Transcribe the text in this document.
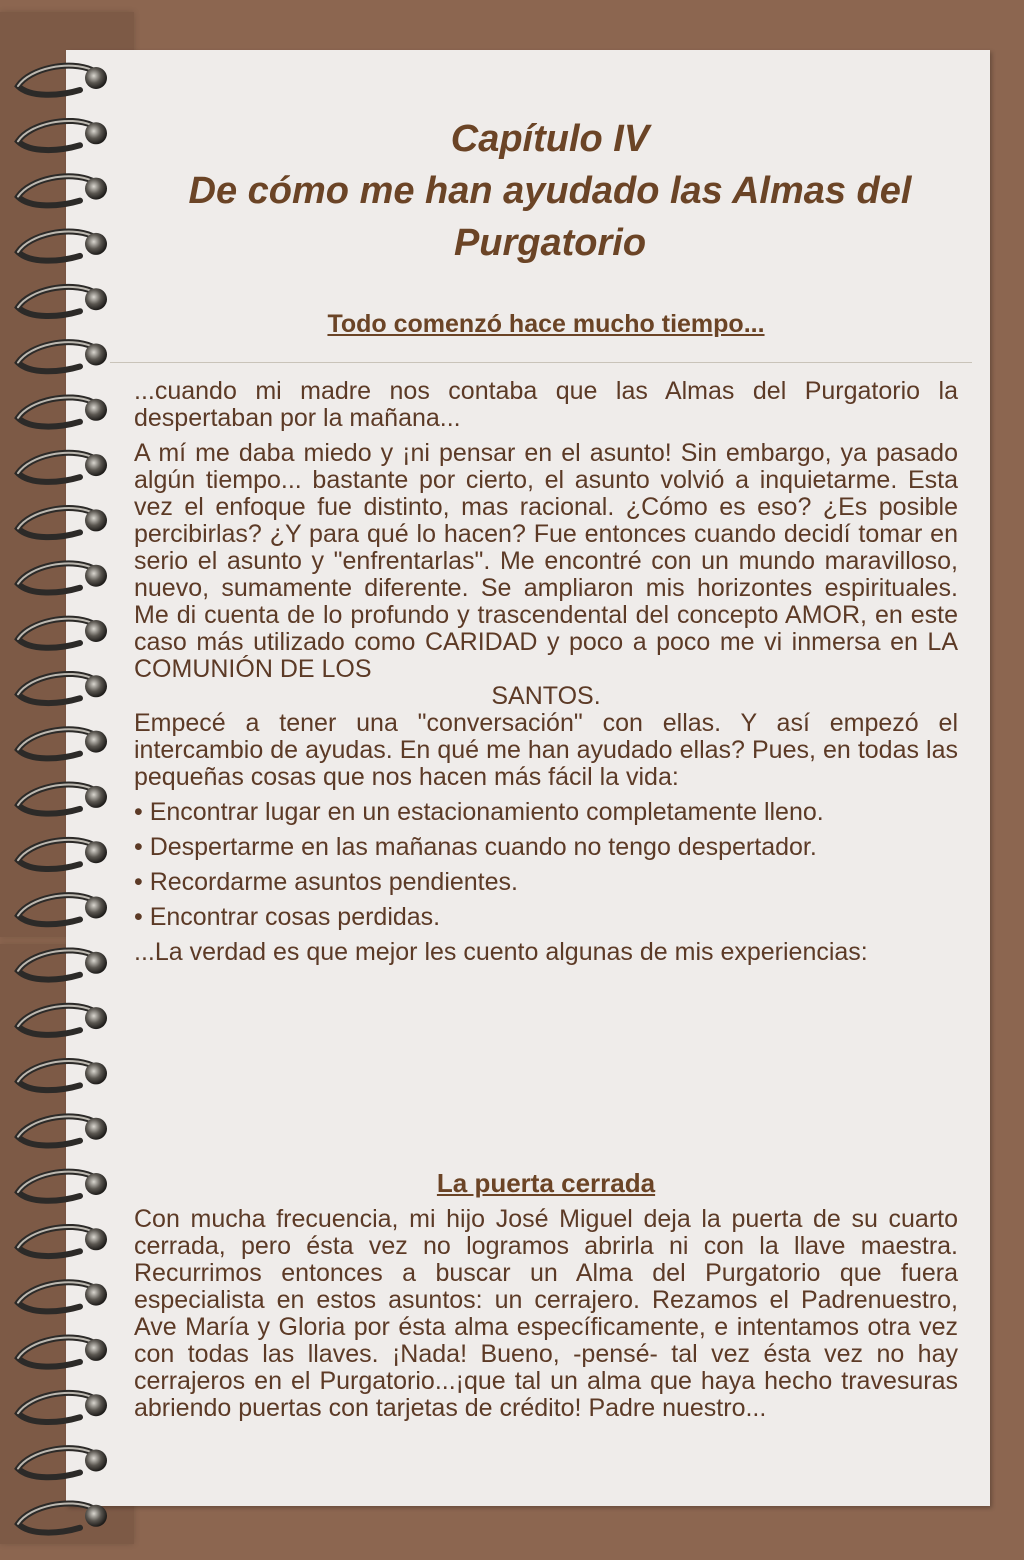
Capítulo IV
De cómo me han ayudado las Almas del Purgatorio
Todo comenzó hace mucho tiempo...

...cuando mi madre nos contaba que las Almas del Purgatorio la despertaban por la mañana...

A mí me daba miedo y ¡ni pensar en el asunto! Sin embargo, ya pasado algún tiempo... bastante por cierto, el asunto volvió a inquietarme. Esta vez el enfoque fue distinto, mas racional. ¿Cómo es eso? ¿Es posible percibirlas? ¿Y para qué lo hacen? Fue entonces cuando decidí tomar en serio el asunto y "enfrentarlas". Me encontré con un mundo maravilloso, nuevo, sumamente diferente. Se ampliaron mis horizontes espirituales. Me di cuenta de lo profundo y trascendental del concepto AMOR, en este caso más utilizado como CARIDAD y poco a poco me vi inmersa en LA COMUNIÓN DE LOS

SANTOS.

Empecé a tener una "conversación" con ellas. Y así empezó el intercambio de ayudas. En qué me han ayudado ellas? Pues, en todas las pequeñas cosas que nos hacen más fácil la vida:

• Encontrar lugar en un estacionamiento completamente lleno.

• Despertarme en las mañanas cuando no tengo despertador.

• Recordarme asuntos pendientes.

• Encontrar cosas perdidas.

...La verdad es que mejor les cuento algunas de mis experiencias:

La puerta cerrada

Con mucha frecuencia, mi hijo José Miguel deja la puerta de su cuarto cerrada, pero ésta vez no logramos abrirla ni con la llave maestra. Recurrimos entonces a buscar un Alma del Purgatorio que fuera especialista en estos asuntos: un cerrajero. Rezamos el Padrenuestro, Ave María y Gloria por ésta alma específicamente, e intentamos otra vez con todas las llaves. ¡Nada! Bueno, -pensé- tal vez ésta vez no hay cerrajeros en el Purgatorio...¡que tal un alma que haya hecho travesuras abriendo puertas con tarjetas de crédito! Padre nuestro...
